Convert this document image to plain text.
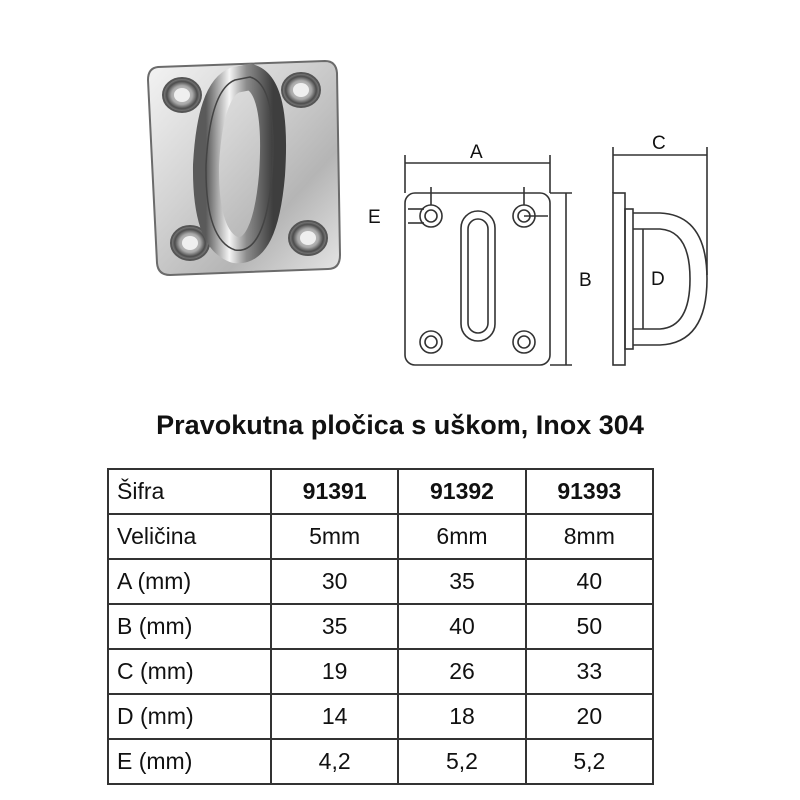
A
E
B
C
D
Pravokutna pločica s uškom, Inox 304
Šifra	91391	91392	91393
Veličina	5mm	6mm	8mm
A (mm)	30	35	40
B (mm)	35	40	50
C (mm)	19	26	33
D (mm)	14	18	20
E (mm)	4,2	5,2	5,2
